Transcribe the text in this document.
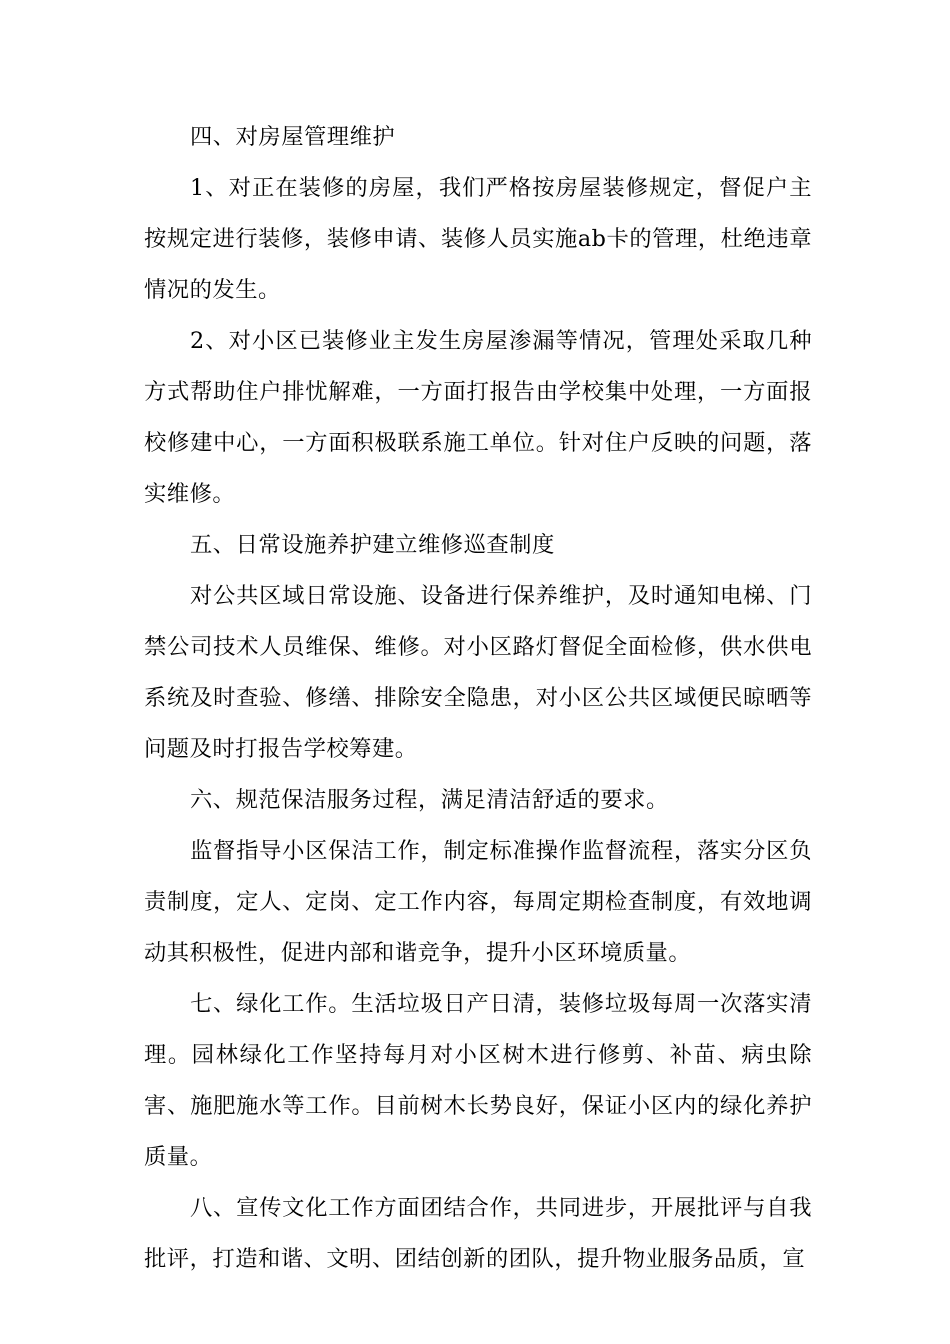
四、对房屋管理维护

1、对正在装修的房屋，我们严格按房屋装修规定，督促户主按规定进行装修，装修申请、装修人员实施ab卡的管理，杜绝违章情况的发生。

2、对小区已装修业主发生房屋渗漏等情况，管理处采取几种方式帮助住户排忧解难，一方面打报告由学校集中处理，一方面报校修建中心，一方面积极联系施工单位。针对住户反映的问题，落实维修。

五、日常设施养护建立维修巡查制度

对公共区域日常设施、设备进行保养维护，及时通知电梯、门禁公司技术人员维保、维修。对小区路灯督促全面检修，供水供电系统及时查验、修缮、排除安全隐患，对小区公共区域便民晾晒等问题及时打报告学校筹建。

六、规范保洁服务过程，满足清洁舒适的要求。

监督指导小区保洁工作，制定标准操作监督流程，落实分区负责制度，定人、定岗、定工作内容，每周定期检查制度，有效地调动其积极性，促进内部和谐竞争，提升小区环境质量。

七、绿化工作。生活垃圾日产日清，装修垃圾每周一次落实清理。园林绿化工作坚持每月对小区树木进行修剪、补苗、病虫除害、施肥施水等工作。目前树木长势良好，保证小区内的绿化养护质量。

八、宣传文化工作方面团结合作，共同进步，开展批评与自我批评，打造和谐、文明、团结创新的团队，提升物业服务品质，宣
